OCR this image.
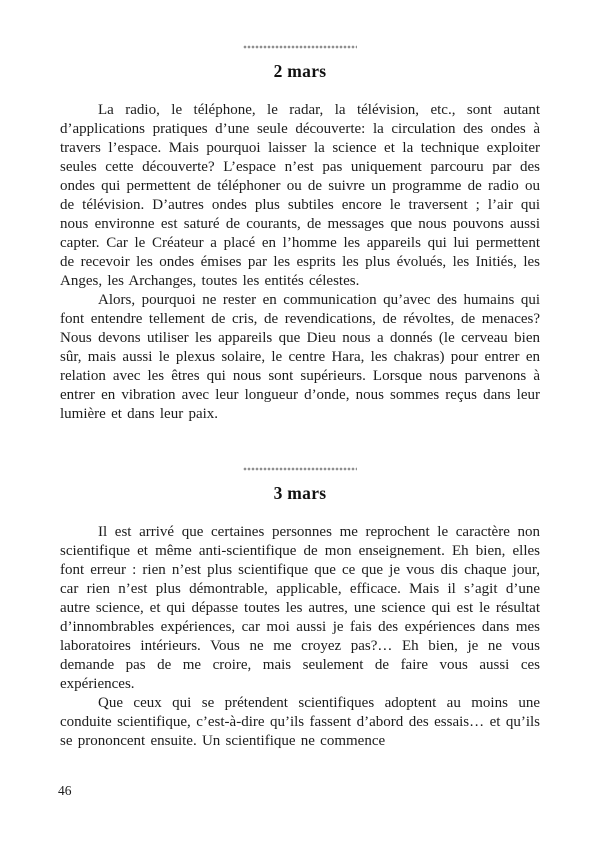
2 mars

La radio, le téléphone, le radar, la télévision, etc., sont autant d’applications pratiques d’une seule découverte: la circulation des ondes à travers l’espace. Mais pourquoi laisser la science et la technique exploiter seules cette découverte? L’espace n’est pas uniquement parcouru par des ondes qui permettent de téléphoner ou de suivre un programme de radio ou de télévision. D’autres ondes plus subtiles encore le traversent ; l’air qui nous environne est saturé de courants, de messages que nous pouvons aussi capter. Car le Créateur a placé en l’homme les appareils qui lui permettent de recevoir les ondes émises par les esprits les plus évolués, les Initiés, les Anges, les Archanges, toutes les entités célestes.

Alors, pourquoi ne rester en communication qu’avec des humains qui font entendre tellement de cris, de revendications, de révoltes, de menaces? Nous devons utiliser les appareils que Dieu nous a donnés (le cerveau bien sûr, mais aussi le plexus solaire, le centre Hara, les chakras) pour entrer en relation avec les êtres qui nous sont supérieurs. Lorsque nous parvenons à entrer en vibration avec leur longueur d’onde, nous sommes reçus dans leur lumière et dans leur paix.

3 mars

Il est arrivé que certaines personnes me reprochent le caractère non scientifique et même anti-scientifique de mon enseignement. Eh bien, elles font erreur : rien n’est plus scientifique que ce que je vous dis chaque jour, car rien n’est plus démontrable, applicable, efficace. Mais il s’agit d’une autre science, et qui dépasse toutes les autres, une science qui est le résultat d’innombrables expériences, car moi aussi je fais des expériences dans mes laboratoires intérieurs. Vous ne me croyez pas?… Eh bien, je ne vous demande pas de me croire, mais seulement de faire vous aussi ces expériences.

Que ceux qui se prétendent scientifiques adoptent au moins une conduite scientifique, c’est-à-dire qu’ils fassent d’abord des essais… et qu’ils se prononcent ensuite. Un scientifique ne commence

46
